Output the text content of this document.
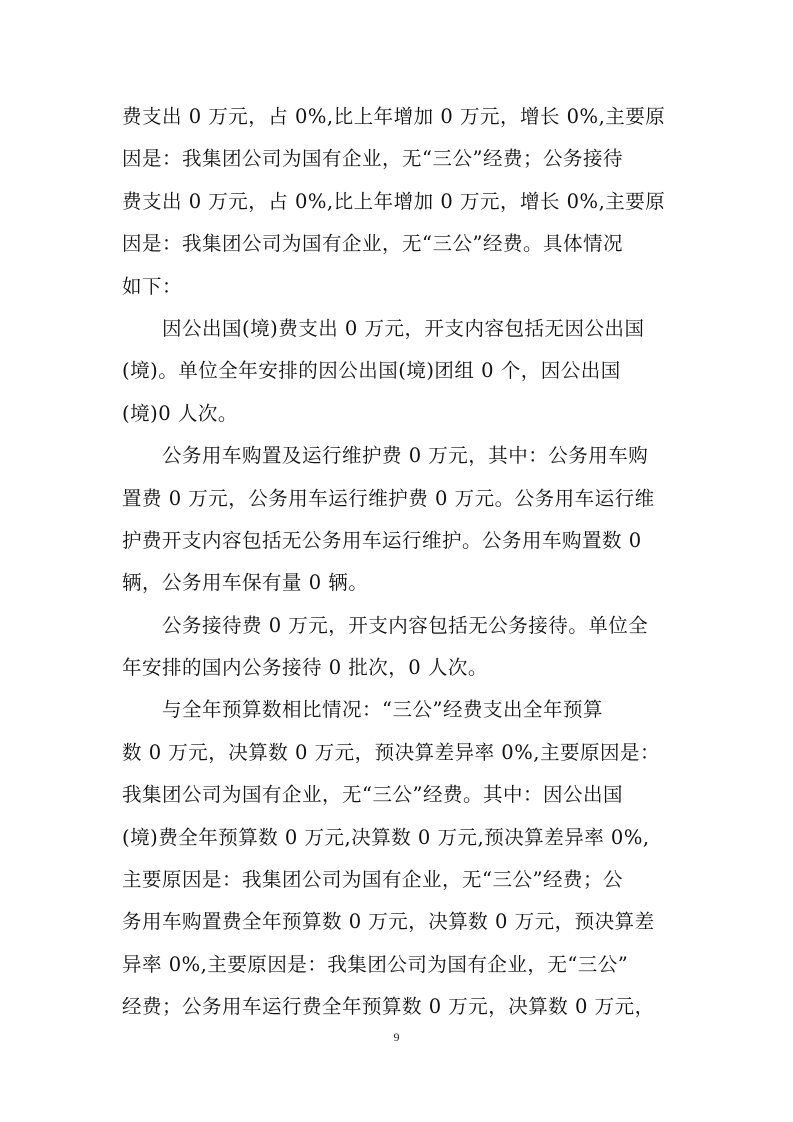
费支出 0 万元，占 0%,比上年增加 0 万元，增长 0%,主要原
因是：我集团公司为国有企业，无“三公”经费；公务接待
费支出 0 万元，占 0%,比上年增加 0 万元，增长 0%,主要原
因是：我集团公司为国有企业，无“三公”经费。具体情况
如下：
因公出国(境)费支出 0 万元，开支内容包括无因公出国
(境)。单位全年安排的因公出国(境)团组 0 个，因公出国
(境)0 人次。
公务用车购置及运行维护费 0 万元，其中：公务用车购
置费 0 万元，公务用车运行维护费 0 万元。公务用车运行维
护费开支内容包括无公务用车运行维护。公务用车购置数 0
辆，公务用车保有量 0 辆。
公务接待费 0 万元，开支内容包括无公务接待。单位全
年安排的国内公务接待 0 批次，0 人次。
与全年预算数相比情况：“三公”经费支出全年预算
数 0 万元，决算数 0 万元，预决算差异率 0%,主要原因是：
我集团公司为国有企业，无“三公”经费。其中：因公出国
(境)费全年预算数 0 万元,决算数 0 万元,预决算差异率 0%,
主要原因是：我集团公司为国有企业，无“三公”经费；公
务用车购置费全年预算数 0 万元，决算数 0 万元，预决算差
异率 0%,主要原因是：我集团公司为国有企业，无“三公”
经费；公务用车运行费全年预算数 0 万元，决算数 0 万元，
9
